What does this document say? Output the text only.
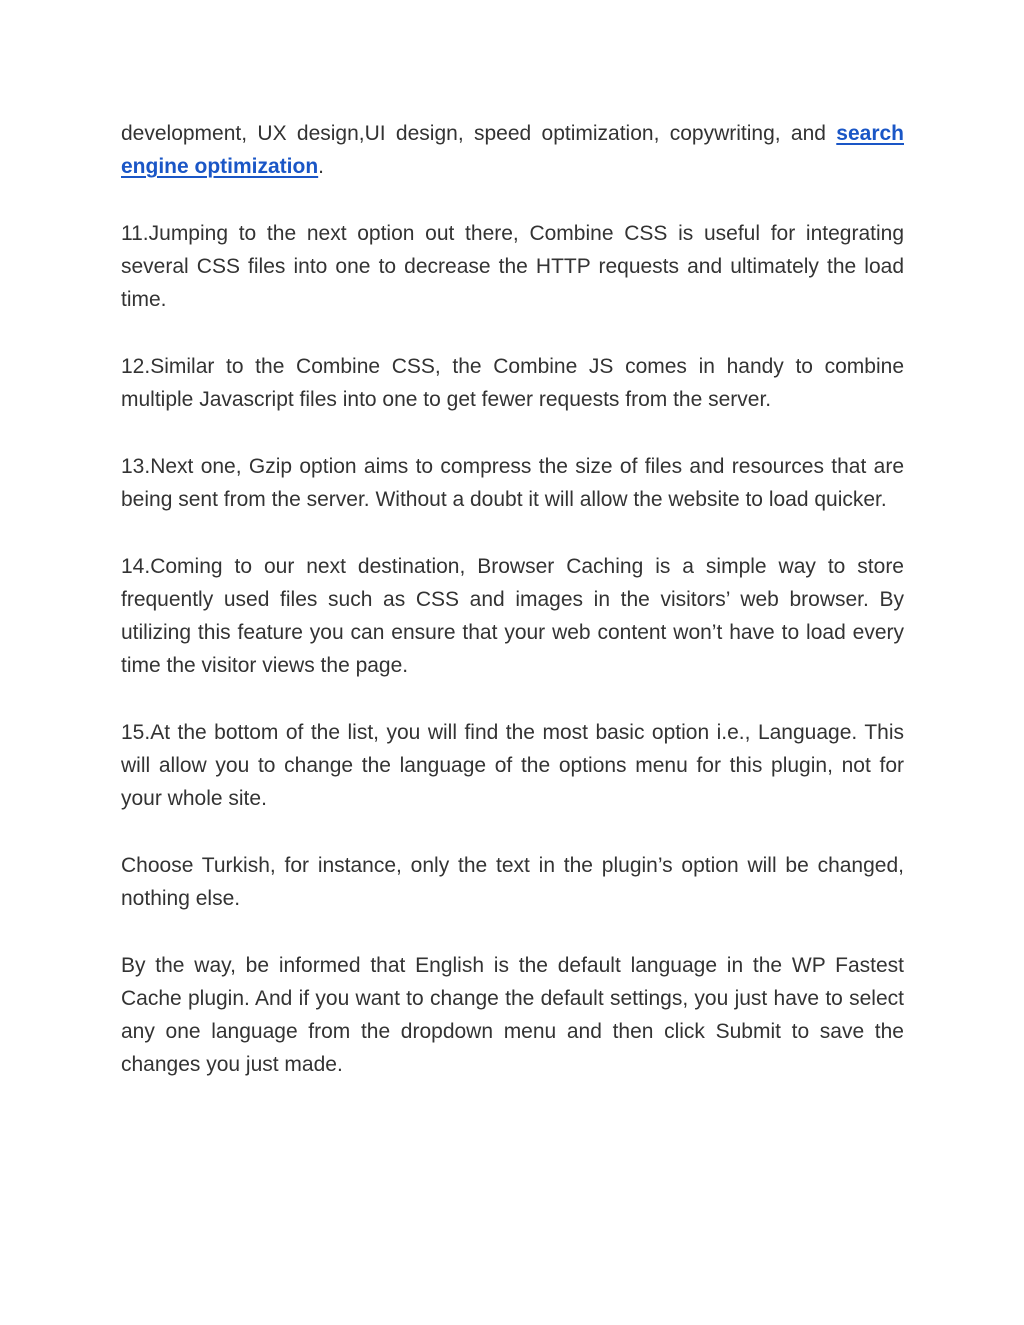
development, UX design,UI design, speed optimization, copywriting, and search engine optimization.

11.Jumping to the next option out there, Combine CSS is useful for integrating several CSS files into one to decrease the HTTP requests and ultimately the load time.

12.Similar to the Combine CSS, the Combine JS comes in handy to combine multiple Javascript files into one to get fewer requests from the server.

13.Next one, Gzip option aims to compress the size of files and resources that are being sent from the server. Without a doubt it will allow the website to load quicker.

14.Coming to our next destination, Browser Caching is a simple way to store frequently used files such as CSS and images in the visitors’ web browser. By utilizing this feature you can ensure that your web content won’t have to load every time the visitor views the page.

15.At the bottom of the list, you will find the most basic option i.e., Language. This will allow you to change the language of the options menu for this plugin, not for your whole site.

Choose Turkish, for instance, only the text in the plugin’s option will be changed, nothing else.

By the way, be informed that English is the default language in the WP Fastest Cache plugin. And if you want to change the default settings, you just have to select any one language from the dropdown menu and then click Submit to save the changes you just made.
